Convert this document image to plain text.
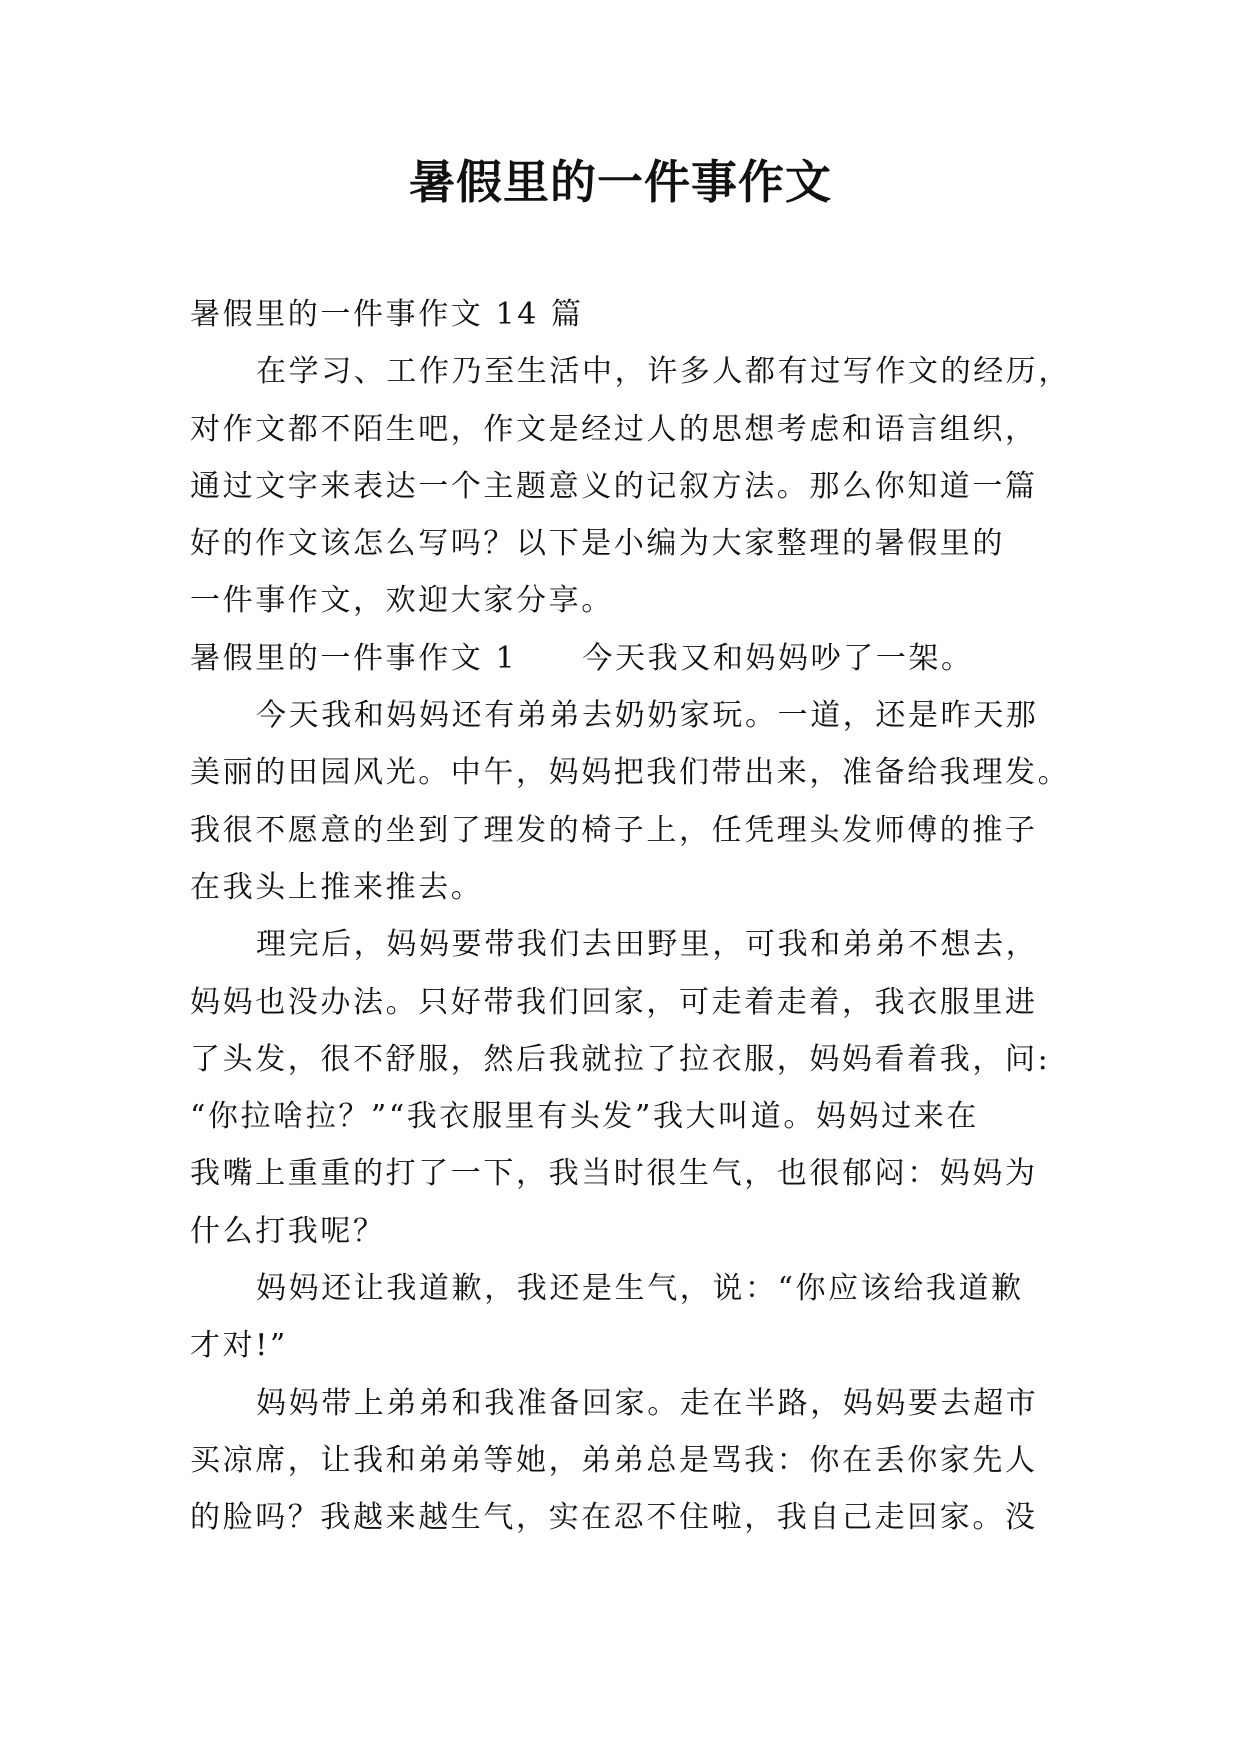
暑假里的一件事作文
暑假里的一件事作文 14 篇
在学习、工作乃至生活中，许多人都有过写作文的经历，
对作文都不陌生吧，作文是经过人的思想考虑和语言组织，
通过文字来表达一个主题意义的记叙方法。那么你知道一篇
好的作文该怎么写吗？以下是小编为大家整理的暑假里的
一件事作文，欢迎大家分享。
暑假里的一件事作文 1　　今天我又和妈妈吵了一架。
今天我和妈妈还有弟弟去奶奶家玩。一道，还是昨天那
美丽的田园风光。中午，妈妈把我们带出来，准备给我理发。
我很不愿意的坐到了理发的椅子上，任凭理头发师傅的推子
在我头上推来推去。
理完后，妈妈要带我们去田野里，可我和弟弟不想去，
妈妈也没办法。只好带我们回家，可走着走着，我衣服里进
了头发，很不舒服，然后我就拉了拉衣服，妈妈看着我，问:
“你拉啥拉？”“我衣服里有头发”我大叫道。妈妈过来在
我嘴上重重的打了一下，我当时很生气，也很郁闷：妈妈为
什么打我呢？
妈妈还让我道歉，我还是生气，说：“你应该给我道歉
才对!”
妈妈带上弟弟和我准备回家。走在半路，妈妈要去超市
买凉席，让我和弟弟等她，弟弟总是骂我：你在丢你家先人
的脸吗？我越来越生气，实在忍不住啦，我自己走回家。没
